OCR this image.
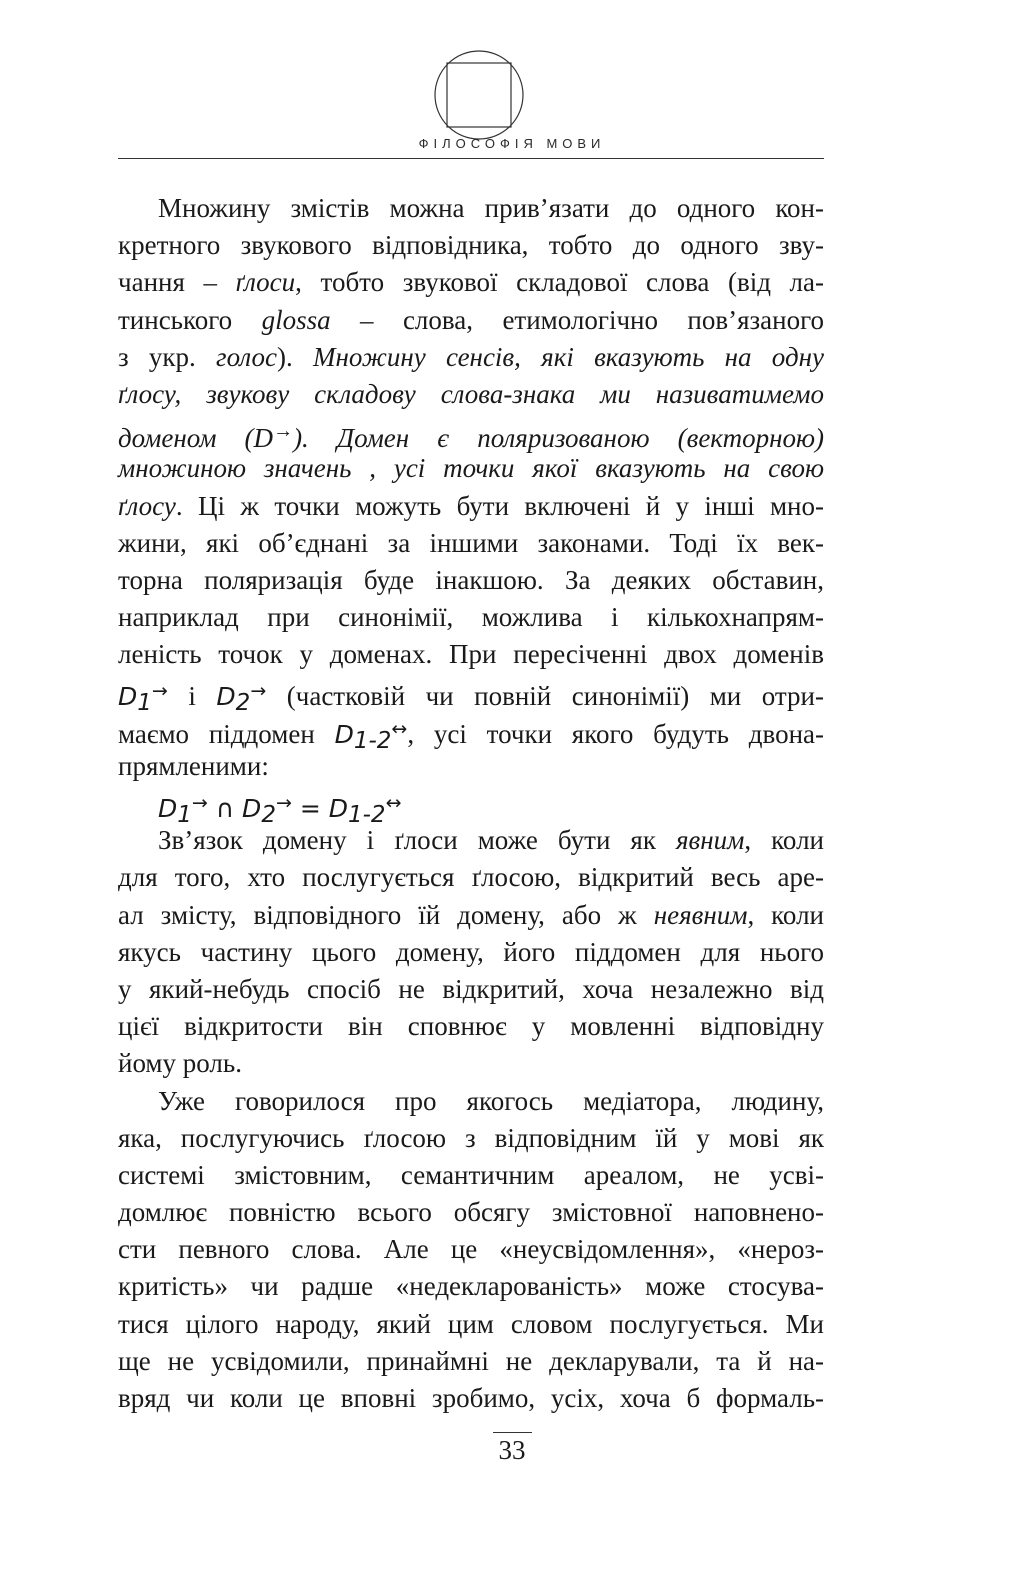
ФІЛОСОФІЯ МОВИ
Множину змістів можна прив’язати до одного кон-
кретного звукового відповідника, тобто до одного зву-
чання – ґлоси, тобто звукової складової слова (від ла-
тинського glossa – слова, етимологічно пов’язаного
з укр. голос). Множину сенсів, які вказують на одну
ґлосу, звукову складову слова-знака ми називатимемо
доменом (D→). Домен є поляризованою (векторною)
множиною значень , усі точки якої вказують на свою
ґлосу. Ці ж точки можуть бути включені й у інші мно-
жини, які об’єднані за іншими законами. Тоді їх век-
торна поляризація буде інакшою. За деяких обставин,
наприклад при синонімії, можлива і кількохнапрям-
леність точок у доменах. При пересіченні двох доменів
$D_1^\to$ і $D_2^\to$ (частковій чи повній синонімії) ми отри-
маємо піддомен $D_{1-2}^\leftrightarrow$, усі точки якого будуть двона-
прямленими:
$D_1^\to$ ∩ $D_2^\to = D_{1-2}^\leftrightarrow$
Зв’язок домену і ґлоси може бути як явним, коли
для того, хто послугується ґлосою, відкритий весь аре-
ал змісту, відповідного їй домену, або ж неявним, коли
якусь частину цього домену, його піддомен для нього
у який-небудь спосіб не відкритий, хоча незалежно від
цієї відкритости він сповнює у мовленні відповідну
йому роль.
Уже говорилося про якогось медіатора, людину,
яка, послугуючись ґлосою з відповідним їй у мові як
системі змістовним, семантичним ареалом, не усві-
домлює повністю всього обсягу змістовної наповнено-
сти певного слова. Але це «неусвідомлення», «нероз-
критість» чи радше «недекларованість» може стосува-
тися цілого народу, який цим словом послугується. Ми
ще не усвідомили, принаймні не декларували, та й на-
вряд чи коли це вповні зробимо, усіх, хоча б формаль-
33
